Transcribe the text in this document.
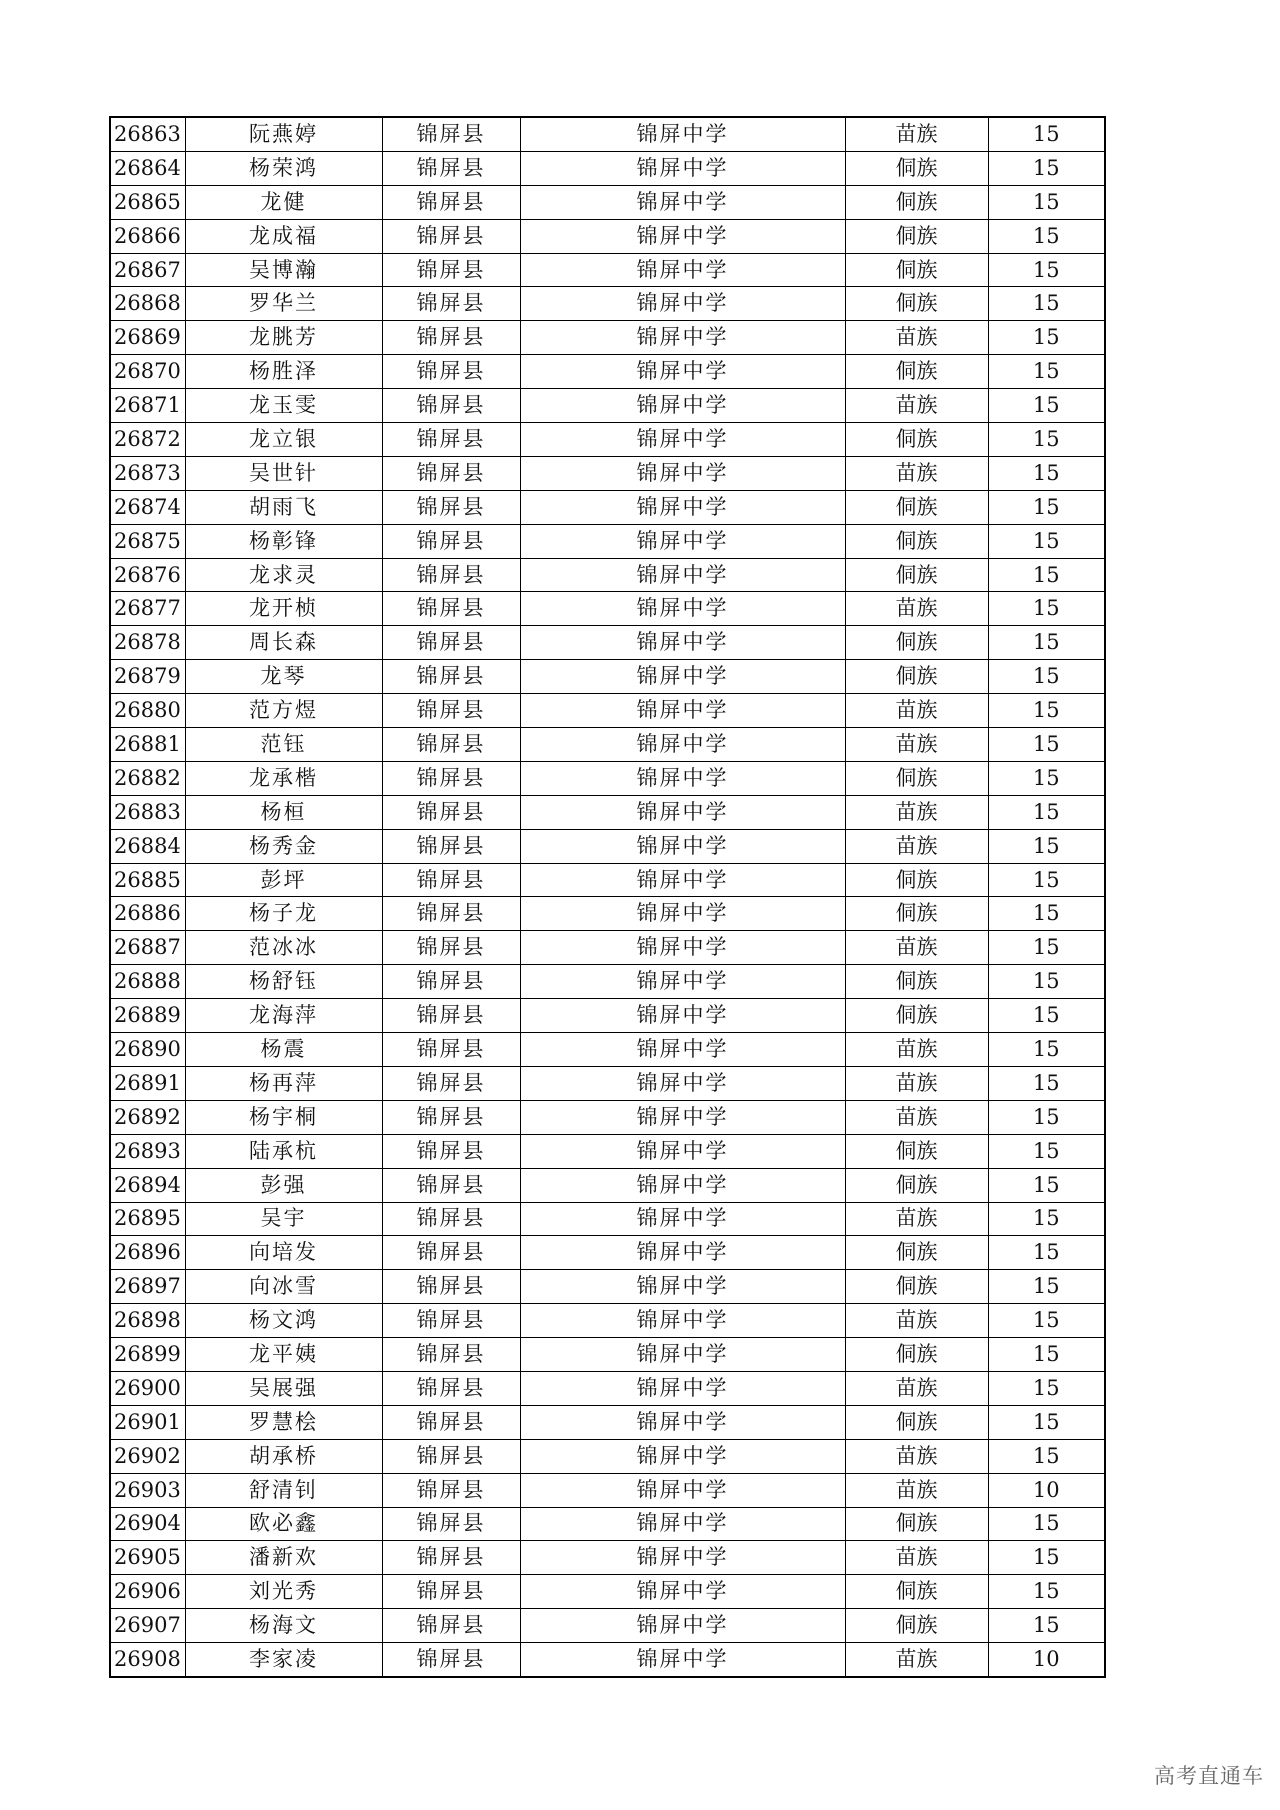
26863	阮燕婷	锦屏县	锦屏中学	苗族	15
26864	杨荣鸿	锦屏县	锦屏中学	侗族	15
26865	龙健	锦屏县	锦屏中学	侗族	15
26866	龙成福	锦屏县	锦屏中学	侗族	15
26867	吴博瀚	锦屏县	锦屏中学	侗族	15
26868	罗华兰	锦屏县	锦屏中学	侗族	15
26869	龙朓芳	锦屏县	锦屏中学	苗族	15
26870	杨胜泽	锦屏县	锦屏中学	侗族	15
26871	龙玉雯	锦屏县	锦屏中学	苗族	15
26872	龙立银	锦屏县	锦屏中学	侗族	15
26873	吴世针	锦屏县	锦屏中学	苗族	15
26874	胡雨飞	锦屏县	锦屏中学	侗族	15
26875	杨彰锋	锦屏县	锦屏中学	侗族	15
26876	龙求灵	锦屏县	锦屏中学	侗族	15
26877	龙开桢	锦屏县	锦屏中学	苗族	15
26878	周长森	锦屏县	锦屏中学	侗族	15
26879	龙琴	锦屏县	锦屏中学	侗族	15
26880	范方煜	锦屏县	锦屏中学	苗族	15
26881	范钰	锦屏县	锦屏中学	苗族	15
26882	龙承楷	锦屏县	锦屏中学	侗族	15
26883	杨桓	锦屏县	锦屏中学	苗族	15
26884	杨秀金	锦屏县	锦屏中学	苗族	15
26885	彭坪	锦屏县	锦屏中学	侗族	15
26886	杨子龙	锦屏县	锦屏中学	侗族	15
26887	范冰冰	锦屏县	锦屏中学	苗族	15
26888	杨舒钰	锦屏县	锦屏中学	侗族	15
26889	龙海萍	锦屏县	锦屏中学	侗族	15
26890	杨震	锦屏县	锦屏中学	苗族	15
26891	杨再萍	锦屏县	锦屏中学	苗族	15
26892	杨宇桐	锦屏县	锦屏中学	苗族	15
26893	陆承杭	锦屏县	锦屏中学	侗族	15
26894	彭强	锦屏县	锦屏中学	侗族	15
26895	吴宇	锦屏县	锦屏中学	苗族	15
26896	向培发	锦屏县	锦屏中学	侗族	15
26897	向冰雪	锦屏县	锦屏中学	侗族	15
26898	杨文鸿	锦屏县	锦屏中学	苗族	15
26899	龙平姨	锦屏县	锦屏中学	侗族	15
26900	吴展强	锦屏县	锦屏中学	苗族	15
26901	罗慧桧	锦屏县	锦屏中学	侗族	15
26902	胡承桥	锦屏县	锦屏中学	苗族	15
26903	舒清钊	锦屏县	锦屏中学	苗族	10
26904	欧必鑫	锦屏县	锦屏中学	侗族	15
26905	潘新欢	锦屏县	锦屏中学	苗族	15
26906	刘光秀	锦屏县	锦屏中学	侗族	15
26907	杨海文	锦屏县	锦屏中学	侗族	15
26908	李家凌	锦屏县	锦屏中学	苗族	10
高考直通车
